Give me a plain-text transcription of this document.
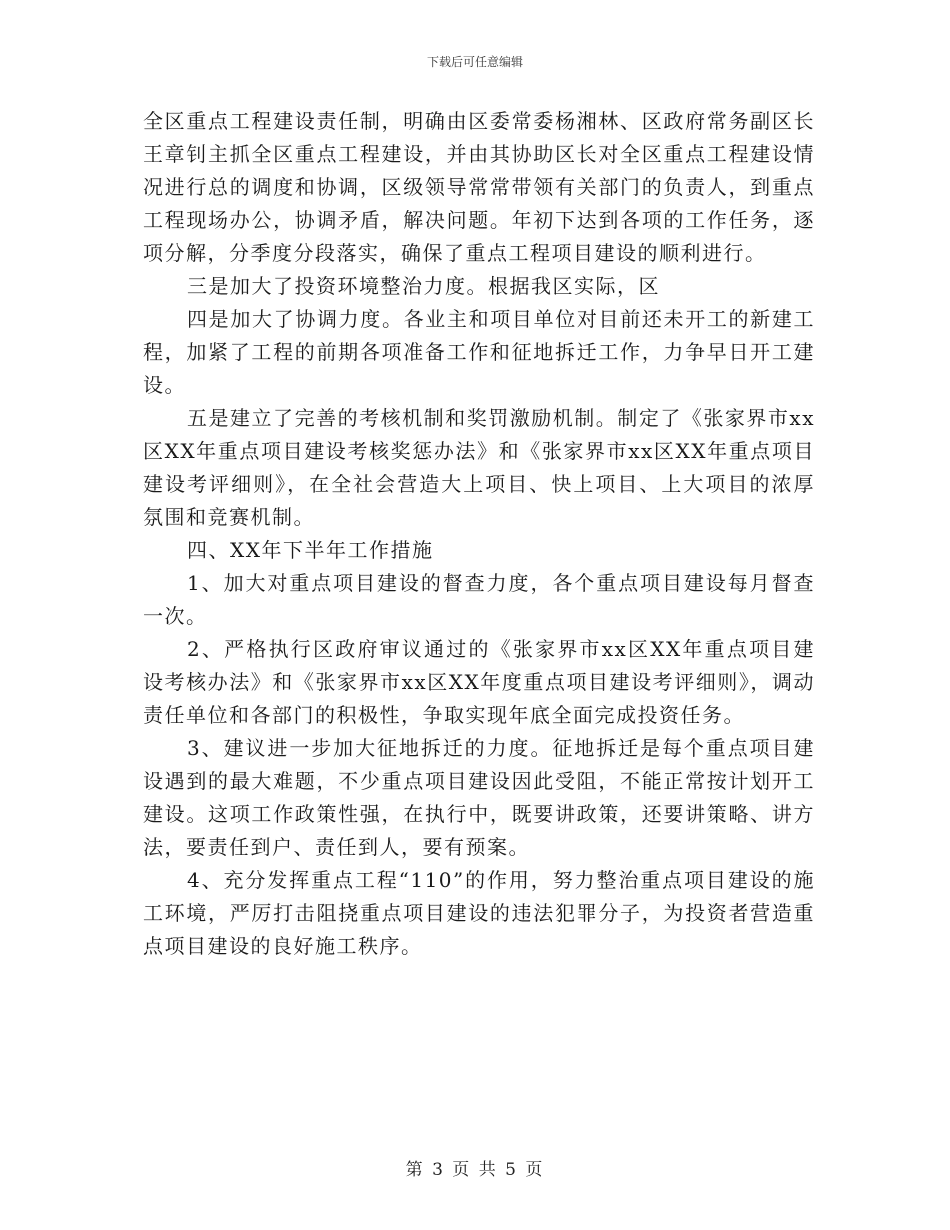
下载后可任意编辑

全区重点工程建设责任制，明确由区委常委杨湘林、区政府常务副区长王章钊主抓全区重点工程建设，并由其协助区长对全区重点工程建设情况进行总的调度和协调，区级领导常常带领有关部门的负责人，到重点工程现场办公，协调矛盾，解决问题。年初下达到各项的工作任务，逐项分解，分季度分段落实，确保了重点工程项目建设的顺利进行。

三是加大了投资环境整治力度。根据我区实际，区

四是加大了协调力度。各业主和项目单位对目前还未开工的新建工程，加紧了工程的前期各项准备工作和征地拆迁工作，力争早日开工建设。

五是建立了完善的考核机制和奖罚激励机制。制定了《张家界市xx区XX年重点项目建设考核奖惩办法》和《张家界市xx区XX年重点项目建设考评细则》，在全社会营造大上项目、快上项目、上大项目的浓厚氛围和竞赛机制。

四、XX年下半年工作措施

1、加大对重点项目建设的督查力度，各个重点项目建设每月督查一次。

2、严格执行区政府审议通过的《张家界市xx区XX年重点项目建设考核办法》和《张家界市xx区XX年度重点项目建设考评细则》，调动责任单位和各部门的积极性，争取实现年底全面完成投资任务。

3、建议进一步加大征地拆迁的力度。征地拆迁是每个重点项目建设遇到的最大难题，不少重点项目建设因此受阻，不能正常按计划开工建设。这项工作政策性强，在执行中，既要讲政策，还要讲策略、讲方法，要责任到户、责任到人，要有预案。

4、充分发挥重点工程“110”的作用，努力整治重点项目建设的施工环境，严厉打击阻挠重点项目建设的违法犯罪分子，为投资者营造重点项目建设的良好施工秩序。

第 3 页 共 5 页
